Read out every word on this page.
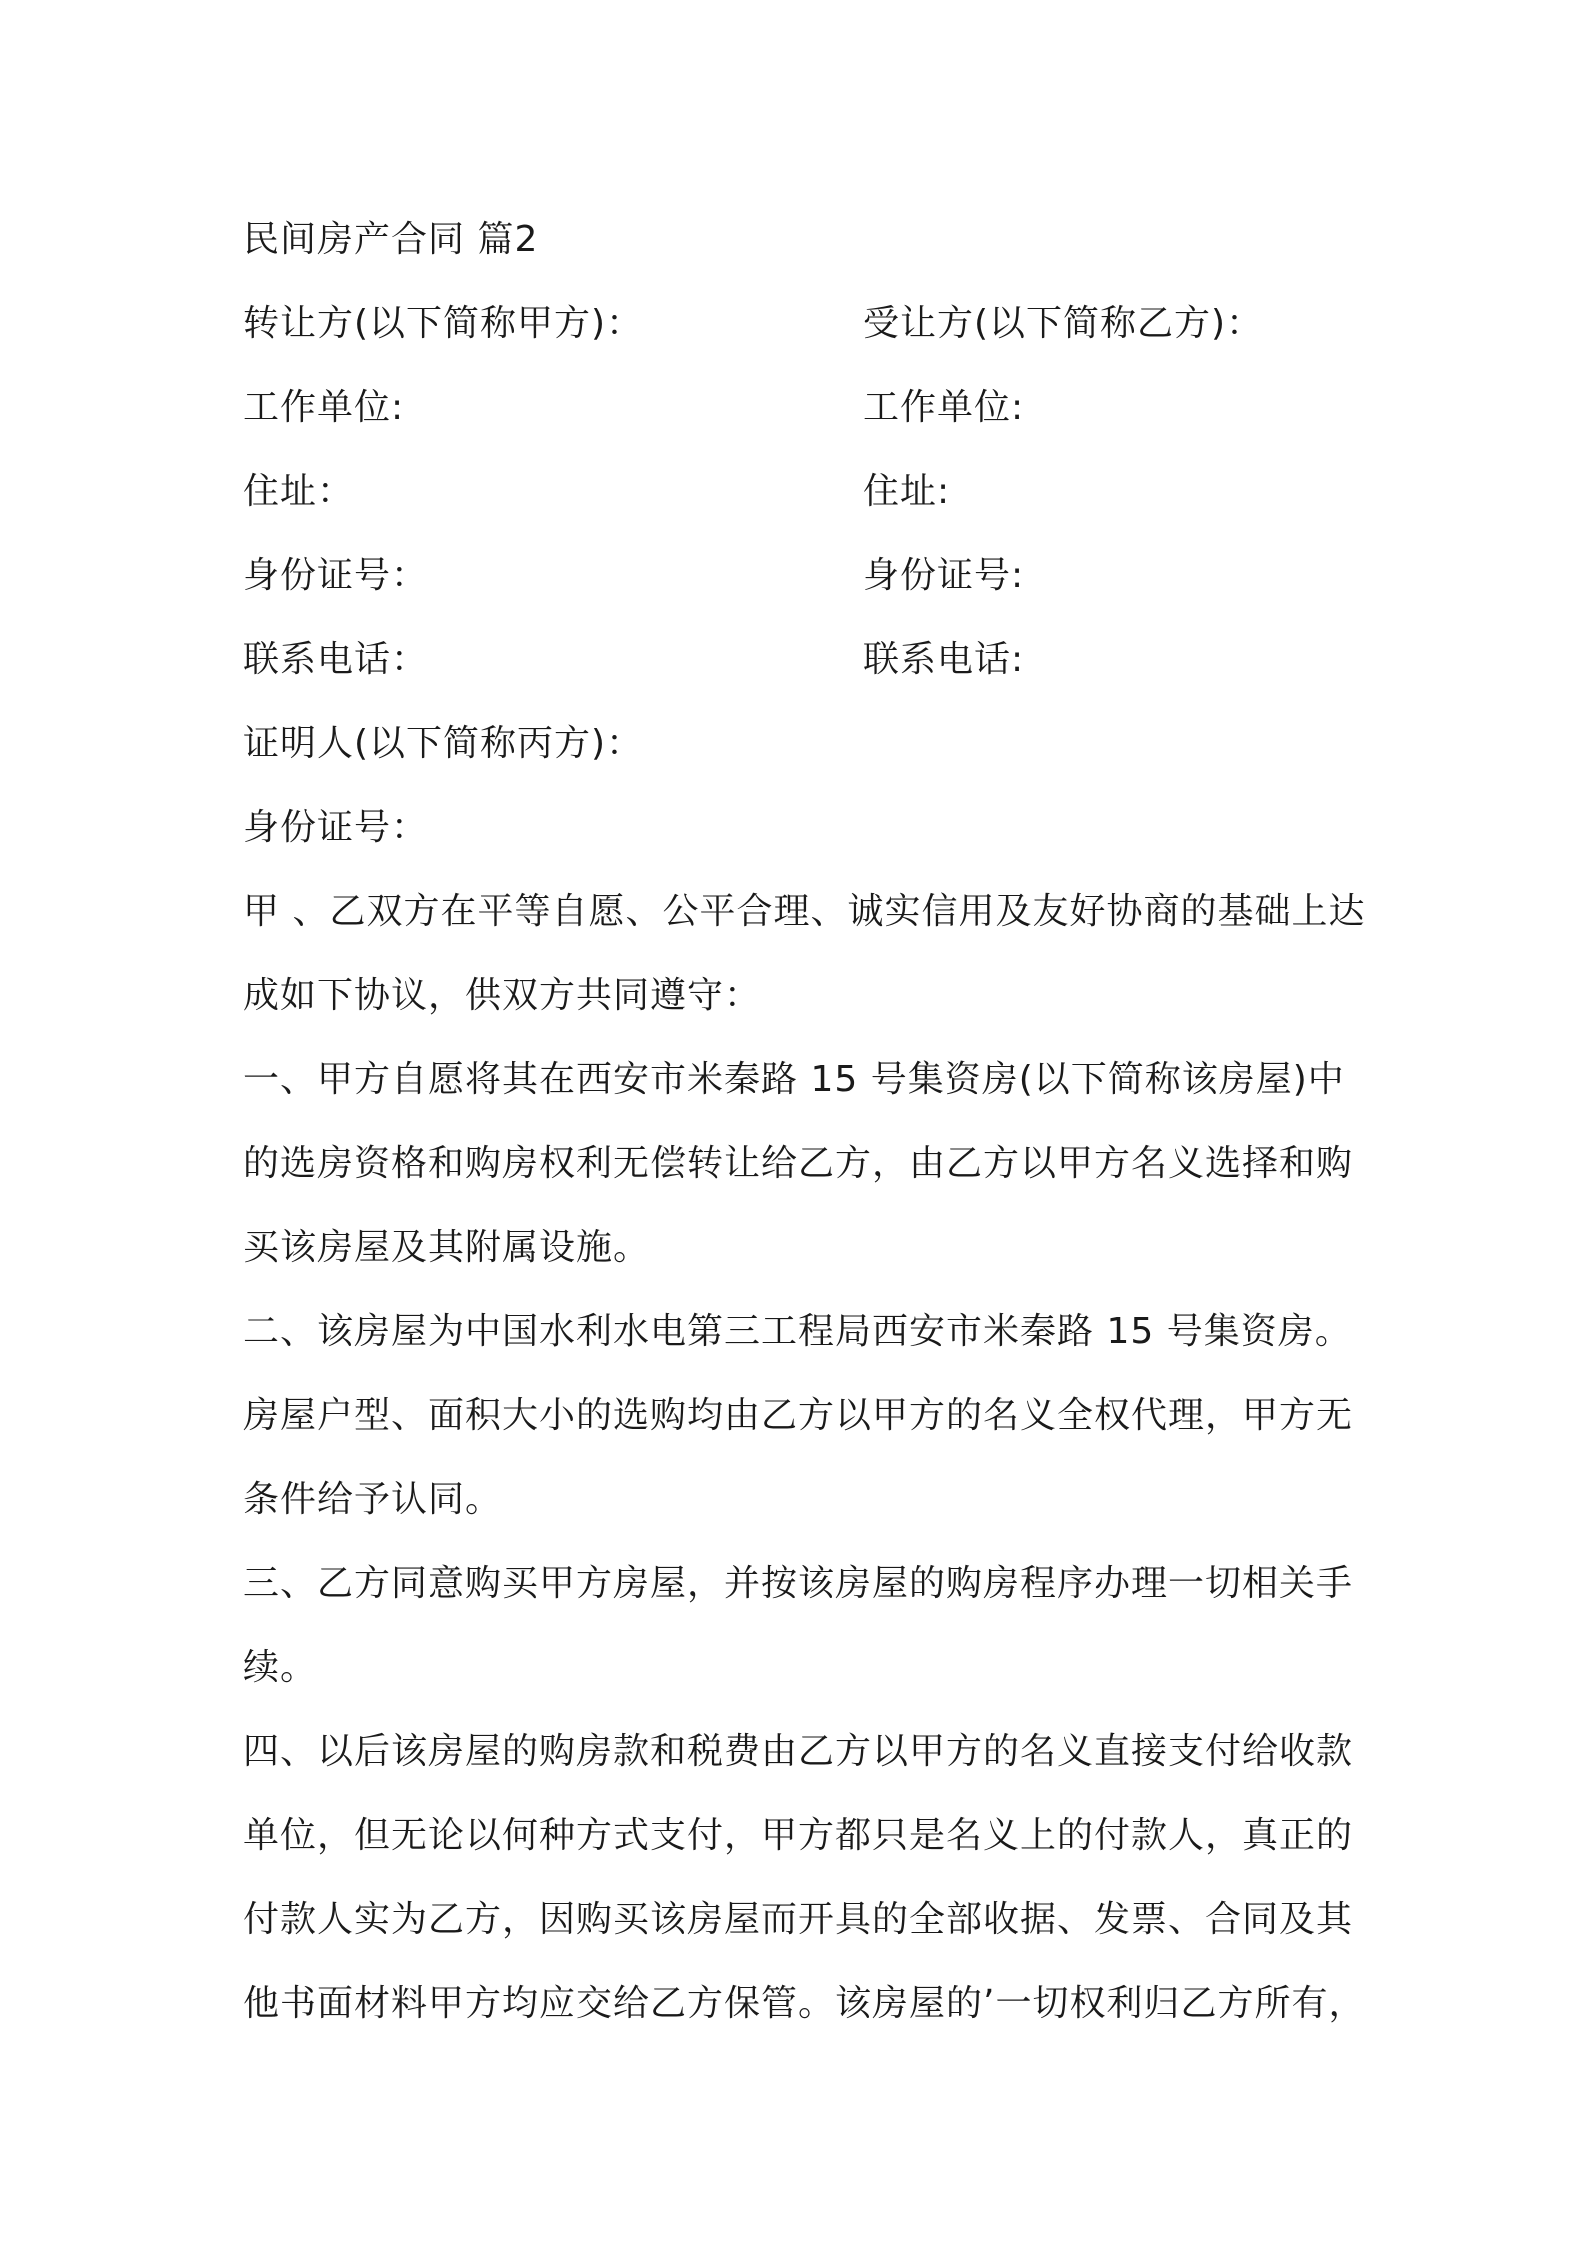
民间房产合同 篇2
转让方(以下简称甲方)：	受让方(以下简称乙方)：
工作单位:	工作单位:
住址：	住址:
身份证号：	身份证号:
联系电话：	联系电话:
证明人(以下简称丙方)：
身份证号：
甲 、乙双方在平等自愿、公平合理、诚实信用及友好协商的基础上达
成如下协议，供双方共同遵守：
一、甲方自愿将其在西安市米秦路 15 号集资房(以下简称该房屋)中
的选房资格和购房权利无偿转让给乙方，由乙方以甲方名义选择和购
买该房屋及其附属设施。
二、该房屋为中国水利水电第三工程局西安市米秦路 15 号集资房。
房屋户型、面积大小的选购均由乙方以甲方的名义全权代理，甲方无
条件给予认同。
三、乙方同意购买甲方房屋，并按该房屋的购房程序办理一切相关手
续。
四、以后该房屋的购房款和税费由乙方以甲方的名义直接支付给收款
单位，但无论以何种方式支付，甲方都只是名义上的付款人，真正的
付款人实为乙方，因购买该房屋而开具的全部收据、发票、合同及其
他书面材料甲方均应交给乙方保管。该房屋的’一切权利归乙方所有，
